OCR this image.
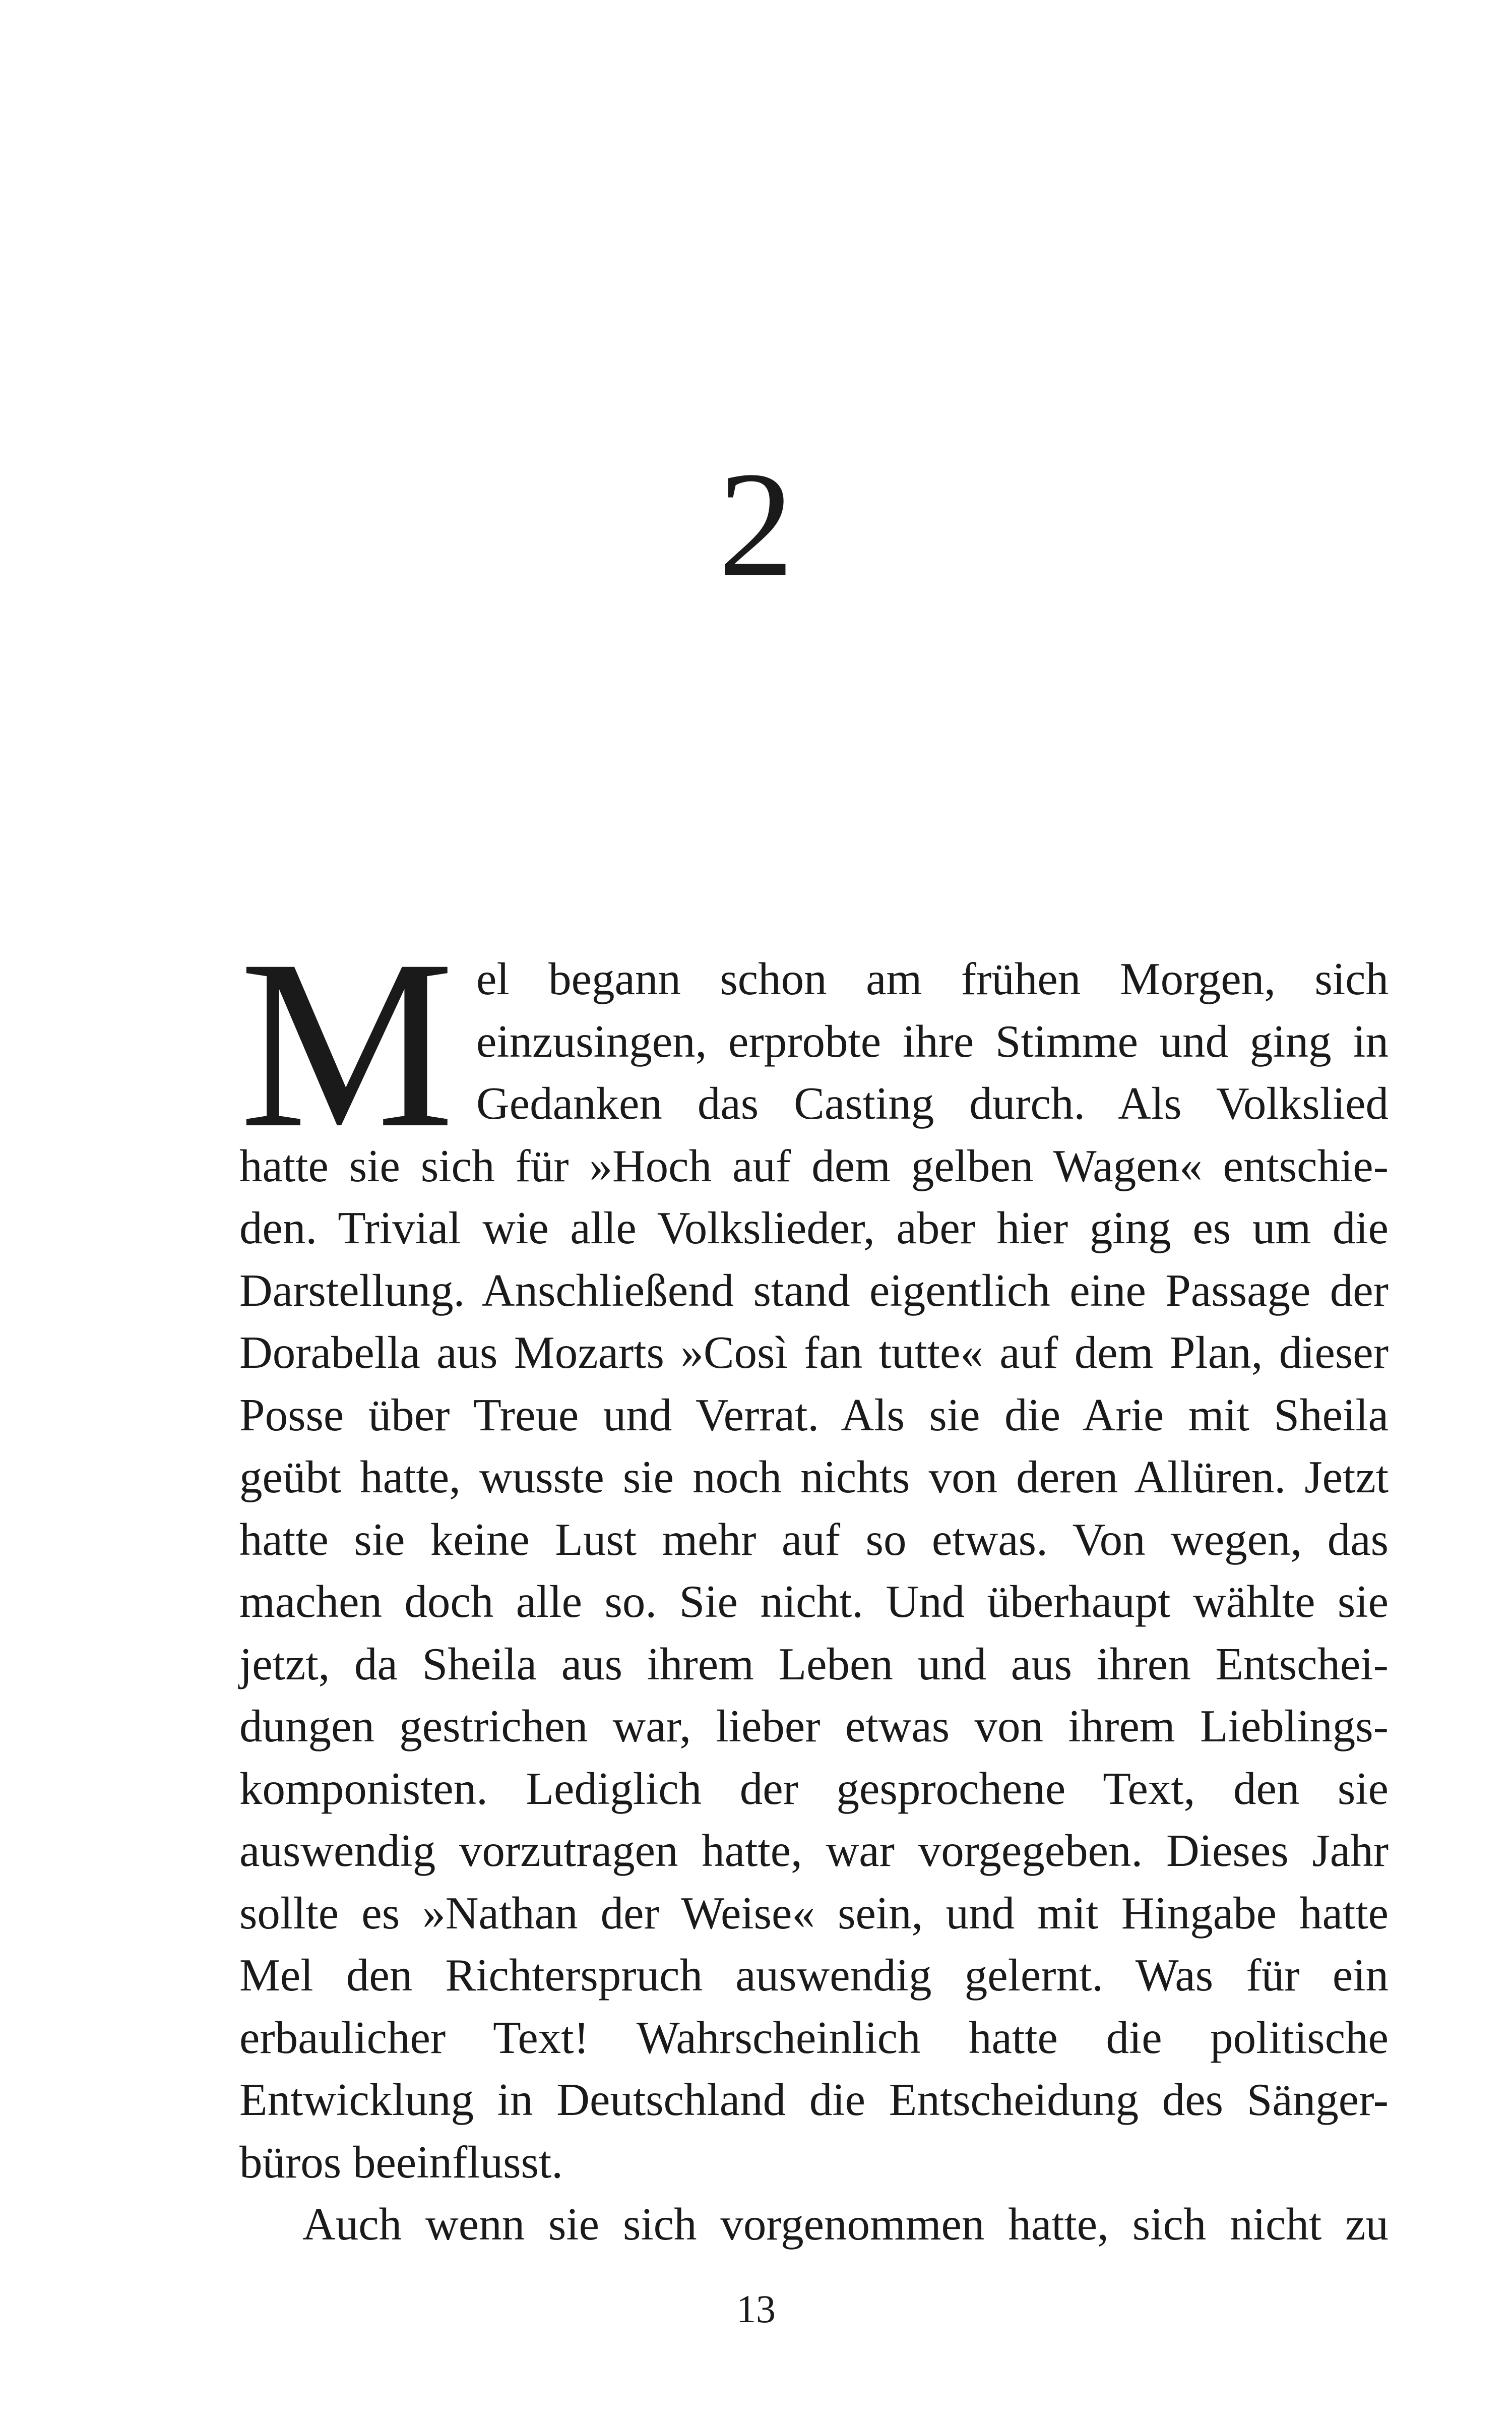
2
M el begann schon am frühen Morgen, sich
einzusingen, erprobte ihre Stimme und ging in
Gedanken das Casting durch. Als Volkslied
hatte sie sich für »Hoch auf dem gelben Wagen« entschie-
den. Trivial wie alle Volkslieder, aber hier ging es um die
Darstellung. Anschließend stand eigentlich eine Passage der
Dorabella aus Mozarts »Così fan tutte« auf dem Plan, dieser
Posse über Treue und Verrat. Als sie die Arie mit Sheila
geübt hatte, wusste sie noch nichts von deren Allüren. Jetzt
hatte sie keine Lust mehr auf so etwas. Von wegen, das
machen doch alle so. Sie nicht. Und überhaupt wählte sie
jetzt, da Sheila aus ihrem Leben und aus ihren Entschei-
dungen gestrichen war, lieber etwas von ihrem Lieblings-
komponisten. Lediglich der gesprochene Text, den sie
auswendig vorzutragen hatte, war vorgegeben. Dieses Jahr
sollte es »Nathan der Weise« sein, und mit Hingabe hatte
Mel den Richterspruch auswendig gelernt. Was für ein
erbaulicher Text! Wahrscheinlich hatte die politische
Entwicklung in Deutschland die Entscheidung des Sänger-
büros beeinflusst.
Auch wenn sie sich vorgenommen hatte, sich nicht zu
13
